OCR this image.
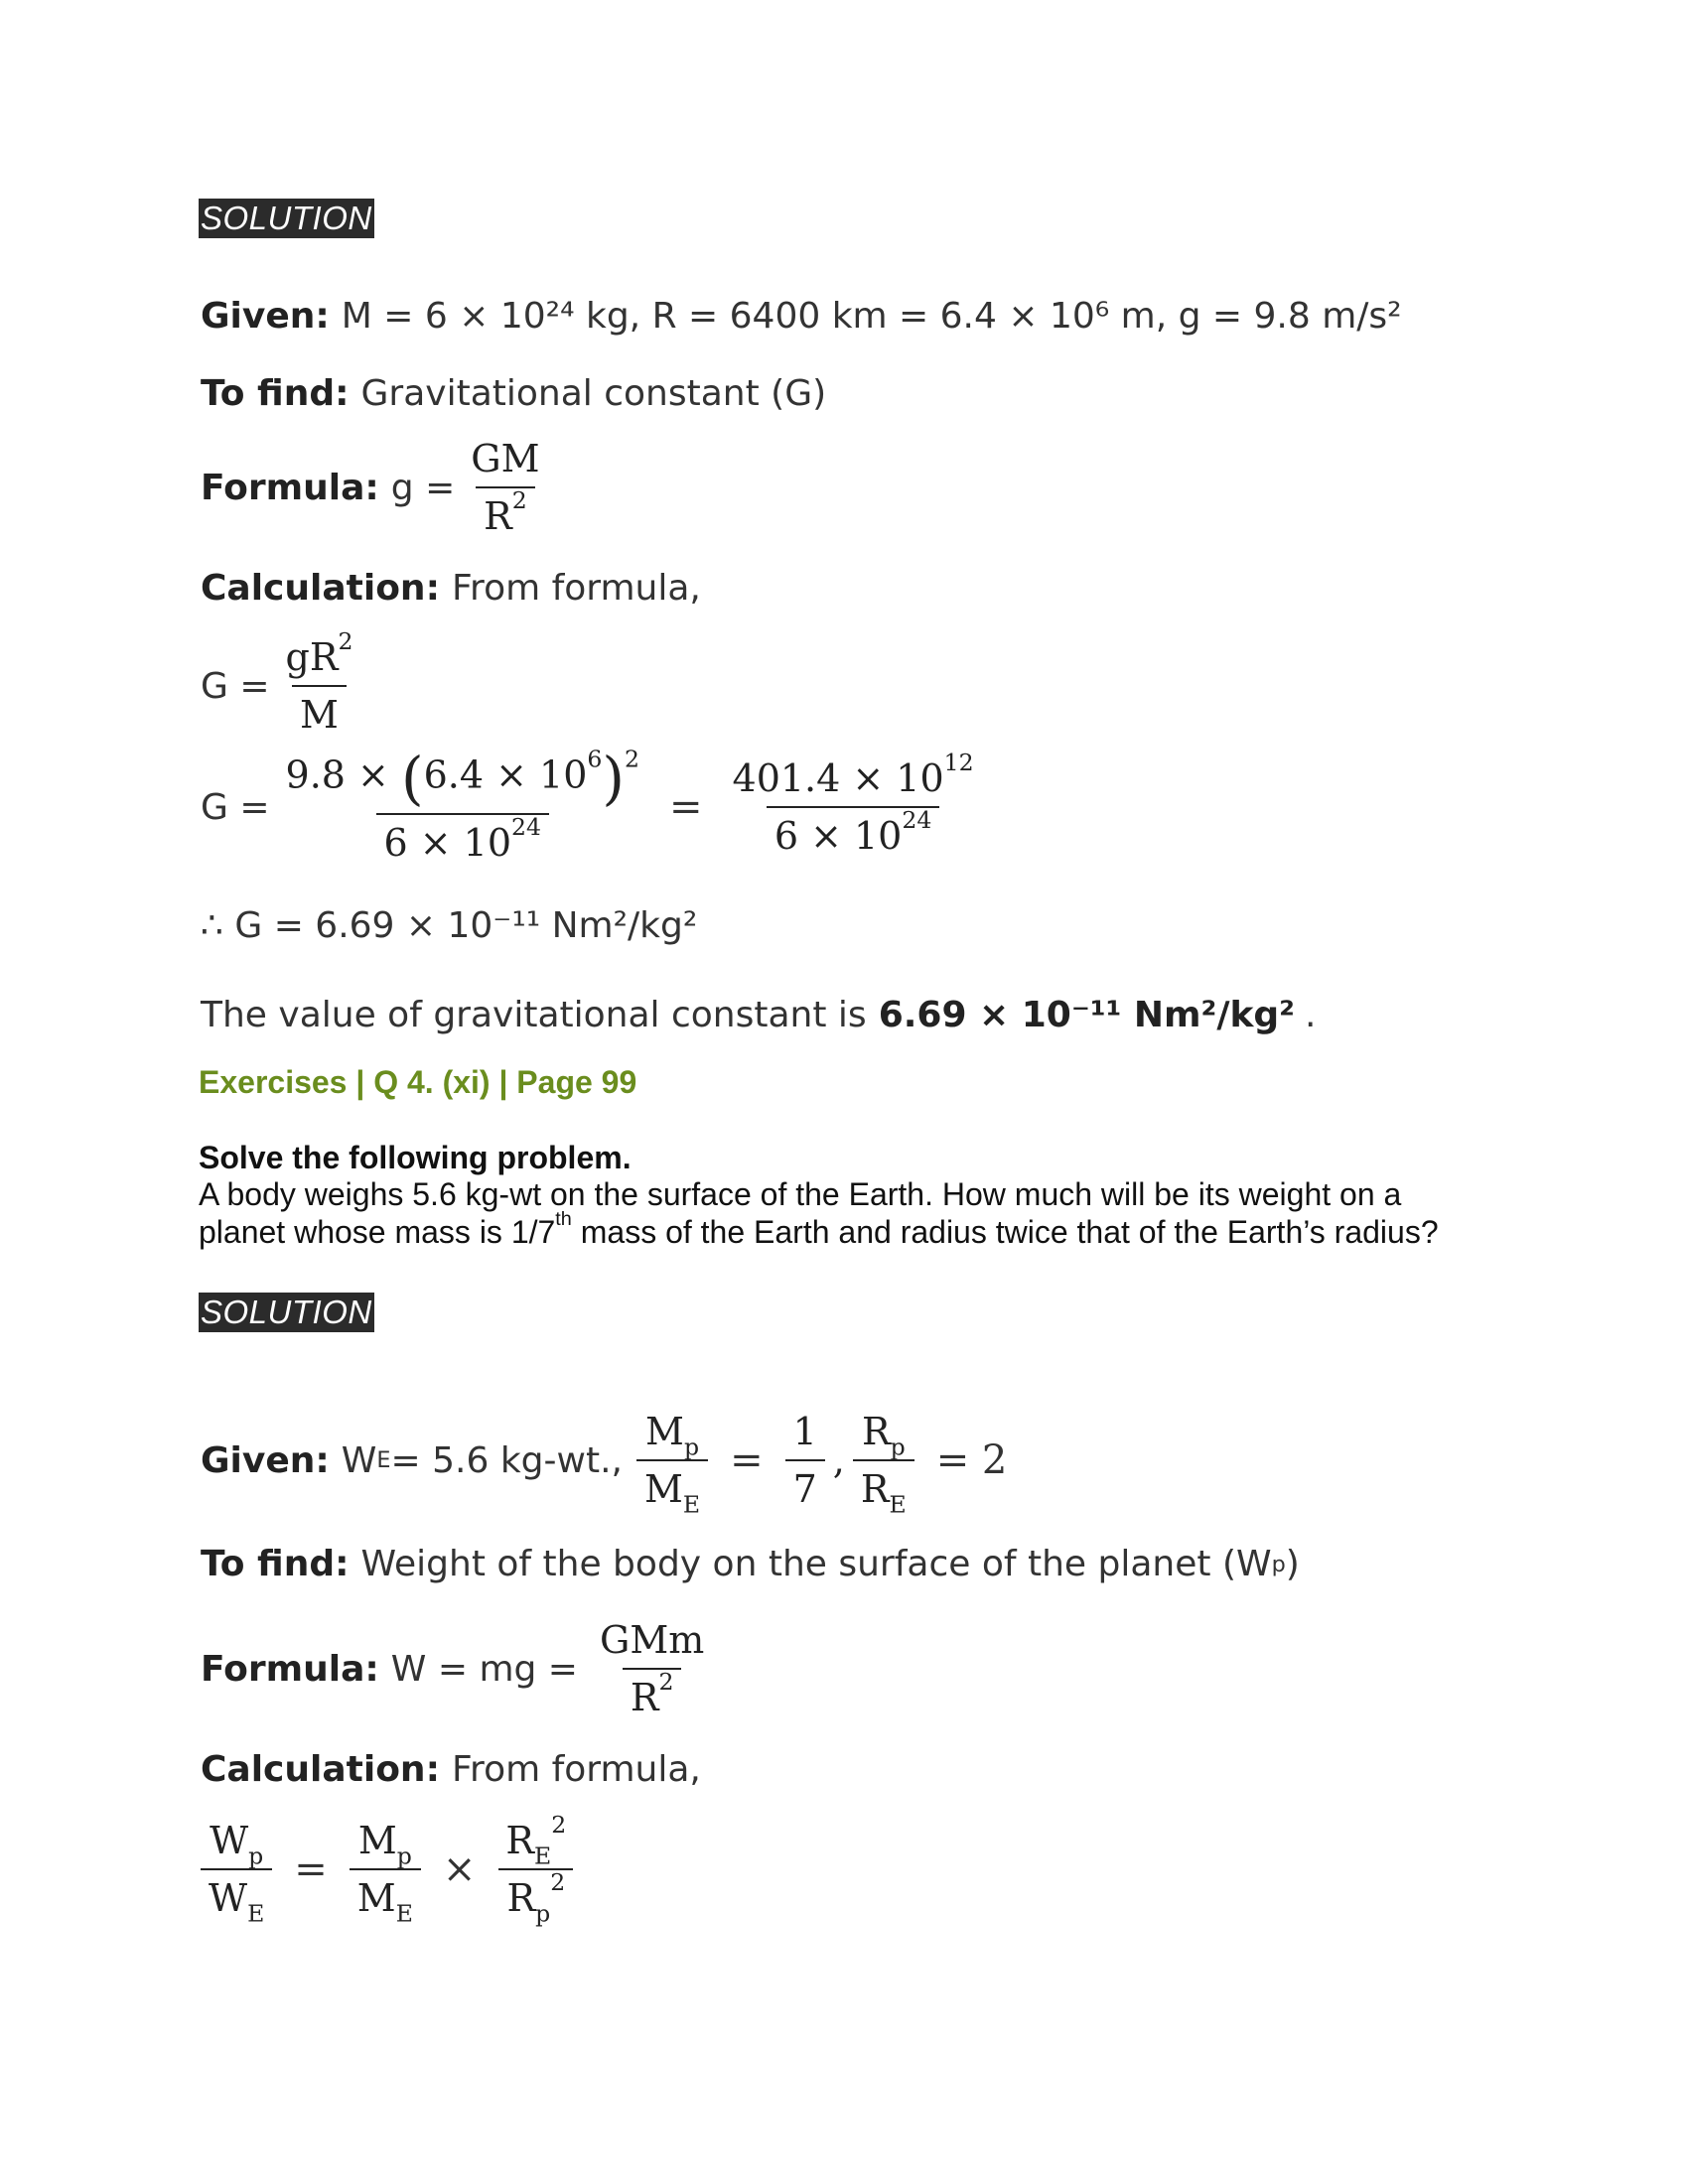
SOLUTION
Given: M = 6 × 10²⁴ kg, R = 6400 km = 6.4 × 10⁶ m, g = 9.8 m/s²
To find: Gravitational constant (G)
Formula: $g = \frac{GM}{R^2}$
Calculation: From formula,
$G = \frac{gR^2}{M}$
$G = \frac{9.8 \times (6.4 \times 10^6)^2}{6 \times 10^{24}} = \frac{401.4 \times 10^{12}}{6 \times 10^{24}}$
∴ G = 6.69 × 10⁻¹¹ Nm²/kg²
The value of gravitational constant is 6.69 × 10⁻¹¹ Nm²/kg² .
Exercises | Q 4. (xi) | Page 99
Solve the following problem.
A body weighs 5.6 kg-wt on the surface of the Earth. How much will be its weight on a planet whose mass is 1/7th mass of the Earth and radius twice that of the Earth’s radius?
SOLUTION
Given: W E = 5.6 kg-wt., $\frac{M_p}{M_E} = \frac{1}{7}$ , $\frac{R_p}{R_E} = 2$
To find: Weight of the body on the surface of the planet (W p )
Formula: W = mg = $\frac{\text{GMm}}{R^2}$
Calculation: From formula,
$\frac{W_p}{W_E} = \frac{M_p}{M_E} \times \frac{R_E^2}{R_p^2}$
